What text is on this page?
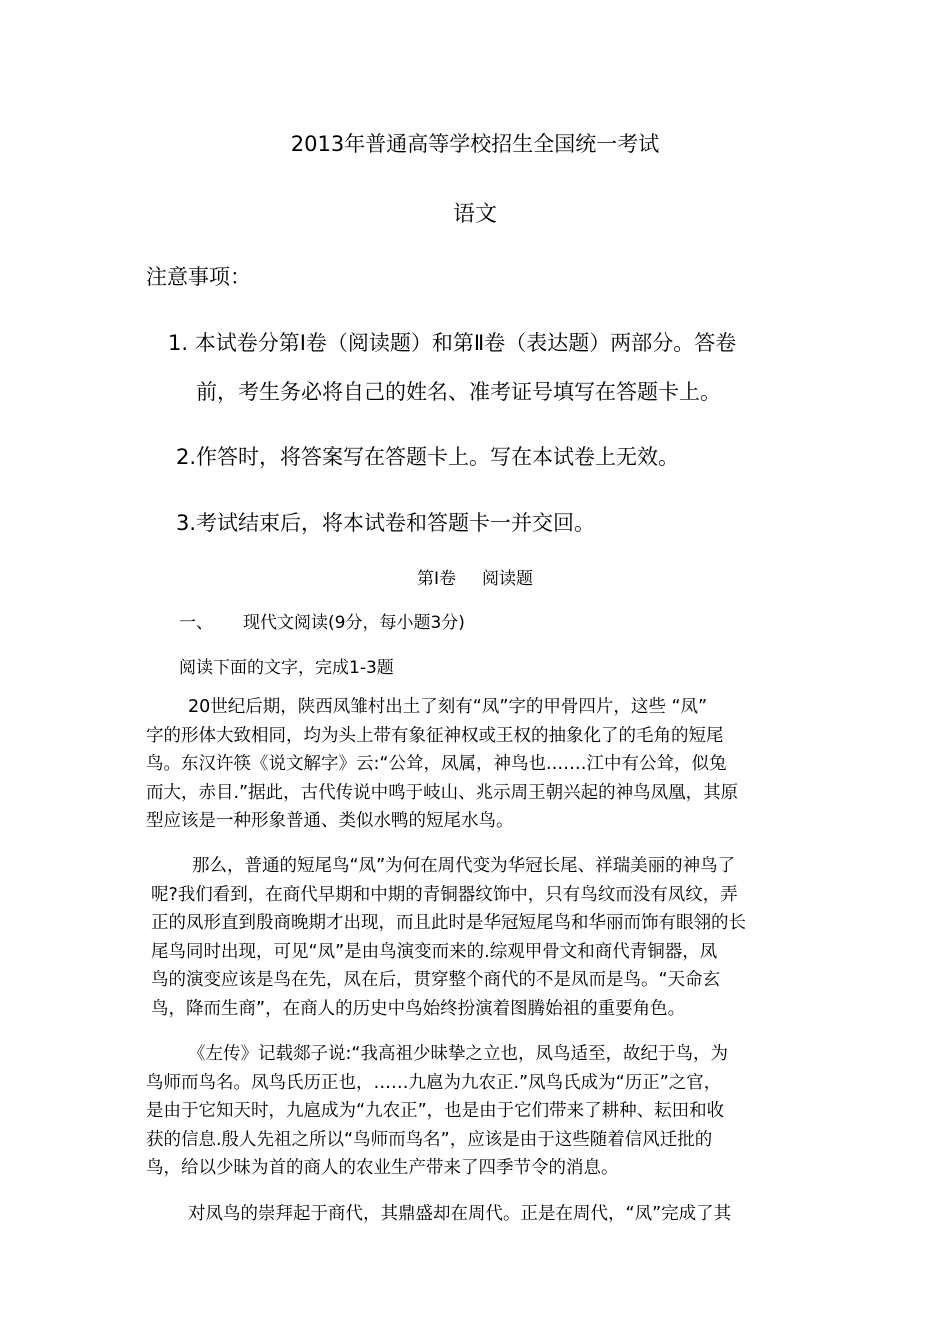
2013年普通高等学校招生全国统一考试
语文
注意事项：
1. 本试卷分第Ⅰ卷（阅读题）和第Ⅱ卷（表达题）两部分。答卷
前，考生务必将自己的姓名、准考证号填写在答题卡上。
2.作答时，将答案写在答题卡上。写在本试卷上无效。
3.考试结束后，将本试卷和答题卡一并交回。
第Ⅰ卷 阅读题
一、 现代文阅读(9分，每小题3分)
阅读下面的文字，完成1-3题
20世纪后期，陕西凤雏村出土了刻有“凤”字的甲骨四片，这些 “凤”
字的形体大致相同，均为头上带有象征神权或王权的抽象化了的毛角的短尾
鸟。东汉许筷《说文解字》云:“公耸，凤属，神鸟也.……江中有公耸，似兔
而大，赤目.”据此，古代传说中鸣于岐山、兆示周王朝兴起的神鸟凤凰，其原
型应该是一种形象普通、类似水鸭的短尾水鸟。
那么，普通的短尾鸟“凤”为何在周代变为华冠长尾、祥瑞美丽的神鸟了
呢?我们看到，在商代早期和中期的青铜器纹饰中，只有鸟纹而没有凤纹，弄
正的凤形直到殷商晚期才出现，而且此时是华冠短尾鸟和华丽而饰有眼翎的长
尾鸟同时出现，可见“凤”是由鸟演变而来的.综观甲骨文和商代青铜器，凤
鸟的演变应该是鸟在先，凤在后，贯穿整个商代的不是凤而是鸟。“天命玄
鸟，降而生商”，在商人的历史中鸟始终扮演着图腾始祖的重要角色。
《左传》记载郯子说:“我高祖少昧挚之立也，凤鸟适至，故纪于鸟，为
鸟师而鸟名。凤鸟氏历正也，……九扈为九农正.”凤鸟氏成为“历正”之官，
是由于它知天时，九扈成为“九农正”，也是由于它们带来了耕种、耘田和收
获的信息.殷人先祖之所以“鸟师而鸟名”，应该是由于这些随着信风迁批的
鸟，给以少昧为首的商人的农业生产带来了四季节令的消息。
对凤鸟的崇拜起于商代，其鼎盛却在周代。正是在周代，“凤”完成了其
